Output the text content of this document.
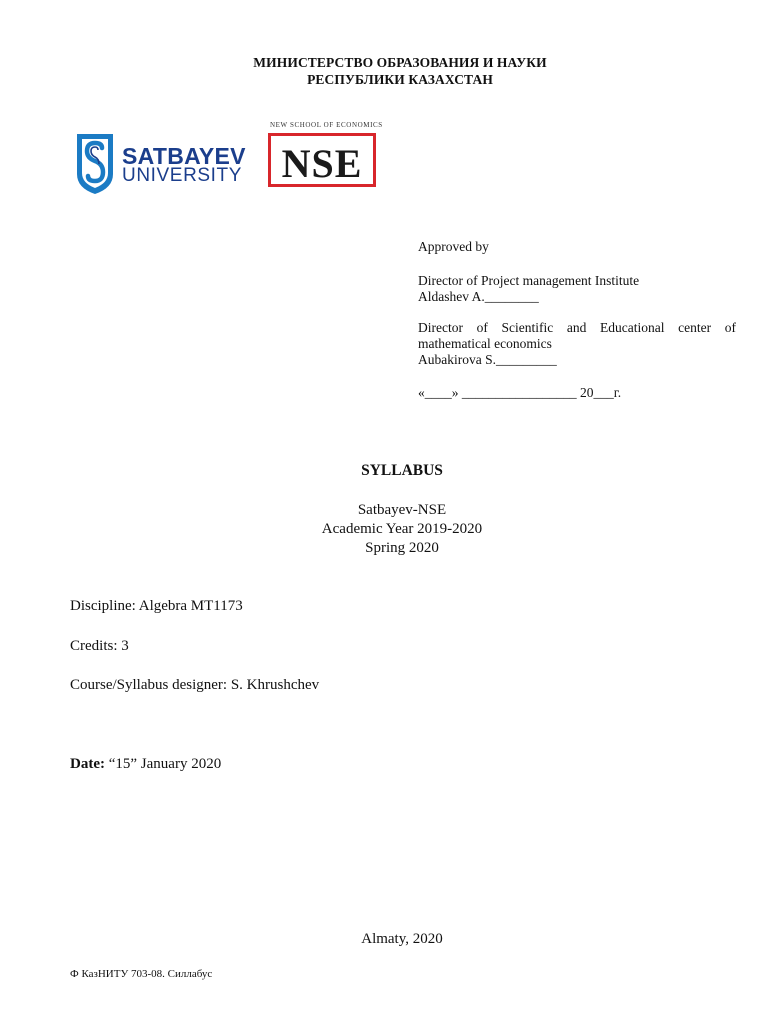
МИНИСТЕРСТВО ОБРАЗОВАНИЯ И НАУКИ
РЕСПУБЛИКИ КАЗАХСТАН
SATBAYEV
UNIVERSITY
NEW SCHOOL OF ECONOMICS
NSE
Approved by
Director of Project management Institute
Aldashev A.________
Director of Scientific and Educational center of
mathematical economics
Aubakirova S._________
«____» _________________ 20___г.
SYLLABUS
Satbayev-NSE
Academic Year 2019-2020
Spring 2020
Discipline: Algebra MT1173
Credits: 3
Course/Syllabus designer: S. Khrushchev
Date: “15” January 2020
Almaty, 2020
Ф КазНИТУ 703-08. Силлабус
